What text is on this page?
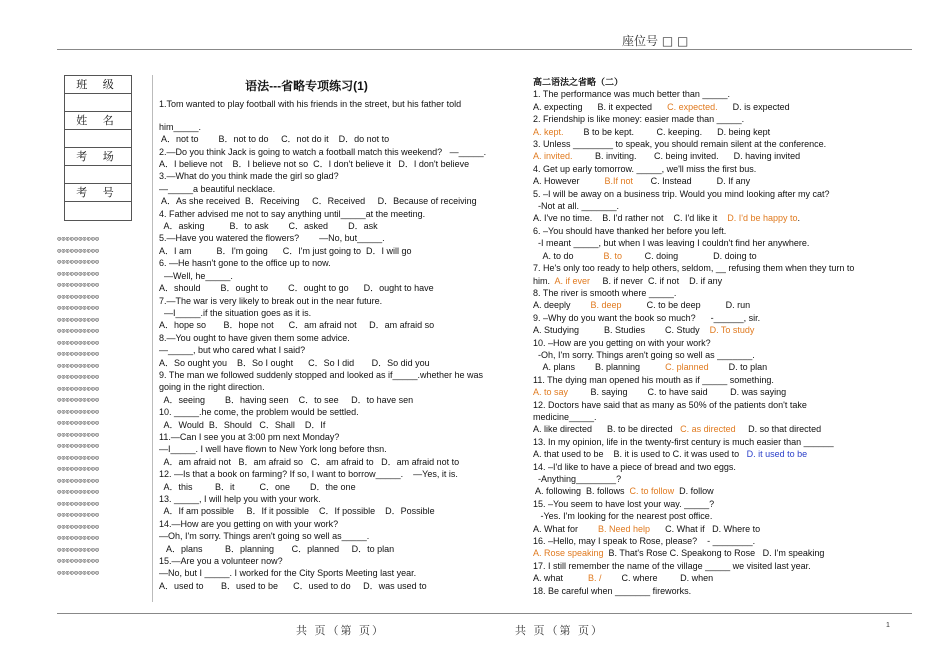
座位号 □ □
班 级
姓 名
考 场
考 号
⊙⊙⊙⊙⊙⊙⊙⊙⊙⊙
⊙⊙⊙⊙⊙⊙⊙⊙⊙⊙
⊙⊙⊙⊙⊙⊙⊙⊙⊙⊙
⊙⊙⊙⊙⊙⊙⊙⊙⊙⊙
⊙⊙⊙⊙⊙⊙⊙⊙⊙⊙
⊙⊙⊙⊙⊙⊙⊙⊙⊙⊙
⊙⊙⊙⊙⊙⊙⊙⊙⊙⊙
⊙⊙⊙⊙⊙⊙⊙⊙⊙⊙
⊙⊙⊙⊙⊙⊙⊙⊙⊙⊙
⊙⊙⊙⊙⊙⊙⊙⊙⊙⊙
⊙⊙⊙⊙⊙⊙⊙⊙⊙⊙
⊙⊙⊙⊙⊙⊙⊙⊙⊙⊙
⊙⊙⊙⊙⊙⊙⊙⊙⊙⊙
⊙⊙⊙⊙⊙⊙⊙⊙⊙⊙
⊙⊙⊙⊙⊙⊙⊙⊙⊙⊙
⊙⊙⊙⊙⊙⊙⊙⊙⊙⊙
⊙⊙⊙⊙⊙⊙⊙⊙⊙⊙
⊙⊙⊙⊙⊙⊙⊙⊙⊙⊙
⊙⊙⊙⊙⊙⊙⊙⊙⊙⊙
⊙⊙⊙⊙⊙⊙⊙⊙⊙⊙
⊙⊙⊙⊙⊙⊙⊙⊙⊙⊙
⊙⊙⊙⊙⊙⊙⊙⊙⊙⊙
⊙⊙⊙⊙⊙⊙⊙⊙⊙⊙
⊙⊙⊙⊙⊙⊙⊙⊙⊙⊙
⊙⊙⊙⊙⊙⊙⊙⊙⊙⊙
⊙⊙⊙⊙⊙⊙⊙⊙⊙⊙
⊙⊙⊙⊙⊙⊙⊙⊙⊙⊙
⊙⊙⊙⊙⊙⊙⊙⊙⊙⊙
⊙⊙⊙⊙⊙⊙⊙⊙⊙⊙
⊙⊙⊙⊙⊙⊙⊙⊙⊙⊙
语法---省略专项练习(1)
1.Tom wanted to play football with his friends in the street, but his father told
him_____.
A．not to        B．not to do     C．not do it    D．do not to
2.—Do you think Jack is going to watch a football match this weekend?   —_____.
A．I believe not    B．I believe not so  C．I don't believe it   D．I don't believe
3.—What do you think made the girl so glad?
—_____a beautiful necklace.
A．As she received  B．Receiving     C．Received     D．Because of receiving
4. Father advised me not to say anything until_____at the meeting.
A．asking          B．to ask        C．asked        D．ask
5.—Have you watered the flowers?        —No, but_____.
A．I am          B．I'm going      C．I'm just going to  D．I will go
6. —He hasn't gone to the office up to now.
—Well, he_____.
A．should        B．ought to        C．ought to go      D．ought to have
7.—The war is very likely to break out in the near future.
—I_____.if the situation goes as it is.
A．hope so       B．hope not      C．am afraid not     D．am afraid so
8.—You ought to have given them some advice.
—_____, but who cared what I said?
A．So ought you    B．So I ought      C．So I did       D．So did you
9. The man we followed suddenly stopped and looked as if_____.whether he was
going in the right direction.
A．seeing        B．having seen    C．to see     D．to have sen
10. _____.he come, the problem would be settled.
A．Would  B．Should   C．Shall    D．If
11.—Can I see you at 3:00 pm next Monday?
—I_____. I well have flown to New York long before thsn.
A．am afraid not   B．am afraid so   C．am afraid to   D．am afraid not to
12. —Is that a book on farming? If so, I want to borrow_____.    —Yes, it is.
A．this         B．it          C．one        D．the one
13. _____, I will help you with your work.
A．If am possible     B．If it possible    C．If possible    D．Possible
14.—How are you getting on with your work?
—Oh, I'm sorry. Things aren't going so well as_____.
A．plans         B．planning       C．planned     D．to plan
15.—Are you a volunteer now?
—No, but I _____. I worked for the City Sports Meeting last year.
A．used to       B．used to be      C．used to do     D．was used to
高二语法之省略（二）
1. The performance was much better than _____.
A. expecting      B. it expected      C. expected.      D. is expected
2. Friendship is like money: easier made than _____.
A. kept.        B to be kept.         C. keeping.      D. being kept
3. Unless ________ to speak, you should remain silent at the conference.
A. invited.         B. inviting.       C. being invited.      D. having invited
4. Get up early tomorrow. _____, we'll miss the first bus.
A. However          B.If not       C. Instead          D. If any
5. –I will be away on a business trip. Would you mind looking after my cat?
-Not at all. _______.
A. I've no time.    B. I'd rather not    C. I'd like it    D. I'd be happy to.
6. –You should have thanked her before you left.
-I meant _____, but when I was leaving I couldn't find her anywhere.
A. to do            B. to         C. doing              D. doing to
7. He's only too ready to help others, seldom, __ refusing them when they turn to
him.  A. if ever     B. if never  C. if not    D. if any
8. The river is smooth where _____.
A. deeply        B. deep          C. to be deep          D. run
9. –Why do you want the book so much?      -______, sir.
A. Studying          B. Studies        C. Study    D. To study
10. –How are you getting on with your work?
-Oh, I'm sorry. Things aren't going so well as _______.
A. plans        B. planning          C. planned        D. to plan
11. The dying man opened his mouth as if _____ something.
A. to say         B. saying        C. to have said         D. was saying
12. Doctors have said that as many as 50% of the patients don't take
medicine_____.
A. like directed      B. to be directed   C. as directed     D. so that directed
13. In my opinion, life in the twenty-first century is much easier than ______
A. that used to be    B. it is used to C. it was used to   D. it used to be
14. –I'd like to have a piece of bread and two eggs.
-Anything________?
A. following  B. follows  C. to follow  D. follow
15. –You seem to have lost your way. _____?
-Yes. I'm looking for the nearest post office.
A. What for        B. Need help      C. What if   D. Where to
16. –Hello, may I speak to Rose, please?    - ________.
A. Rose speaking  B. That's Rose C. Speakong to Rose   D. I'm speaking
17. I still remember the name of the village _____ we visited last year.
A. what          B. /        C. where         D. when
18. Be careful when _______ fireworks.
共 页（第 页）	共 页（第 页）	1
